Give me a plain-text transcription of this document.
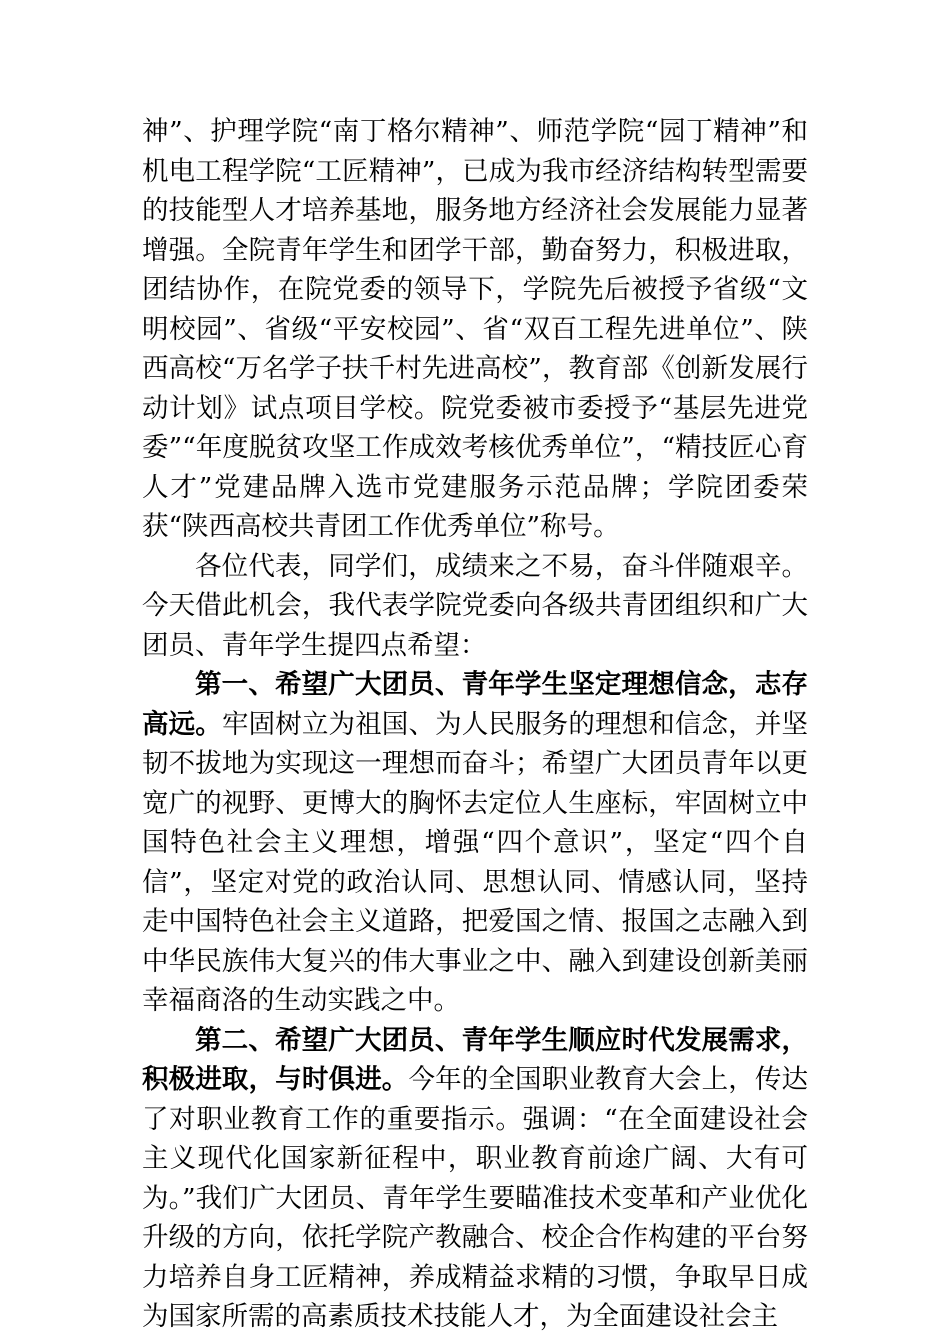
神”、护理学院“南丁格尔精神”、师范学院“园丁精神”和机电工程学院“工匠精神”，已成为我市经济结构转型需要的技能型人才培养基地，服务地方经济社会发展能力显著增强。全院青年学生和团学干部，勤奋努力，积极进取，团结协作，在院党委的领导下，学院先后被授予省级“文明校园”、省级“平安校园”、省“双百工程先进单位”、陕西高校“万名学子扶千村先进高校”，教育部《创新发展行动计划》试点项目学校。院党委被市委授予“基层先进党委”“年度脱贫攻坚工作成效考核优秀单位”，“精技匠心育人才”党建品牌入选市党建服务示范品牌；学院团委荣获“陕西高校共青团工作优秀单位”称号。

各位代表，同学们，成绩来之不易，奋斗伴随艰辛。今天借此机会，我代表学院党委向各级共青团组织和广大团员、青年学生提四点希望：

第一、希望广大团员、青年学生坚定理想信念，志存高远。牢固树立为祖国、为人民服务的理想和信念，并坚韧不拔地为实现这一理想而奋斗；希望广大团员青年以更宽广的视野、更博大的胸怀去定位人生座标，牢固树立中国特色社会主义理想，增强“四个意识”，坚定“四个自信”，坚定对党的政治认同、思想认同、情感认同，坚持走中国特色社会主义道路，把爱国之情、报国之志融入到中华民族伟大复兴的伟大事业之中、融入到建设创新美丽幸福商洛的生动实践之中。

第二、希望广大团员、青年学生顺应时代发展需求，积极进取，与时俱进。今年的全国职业教育大会上，传达了对职业教育工作的重要指示。强调：“在全面建设社会主义现代化国家新征程中，职业教育前途广阔、大有可为。”我们广大团员、青年学生要瞄准技术变革和产业优化升级的方向，依托学院产教融合、校企合作构建的平台努力培养自身工匠精神，养成精益求精的习惯，争取早日成为国家所需的高素质技术技能人才，为全面建设社会主
